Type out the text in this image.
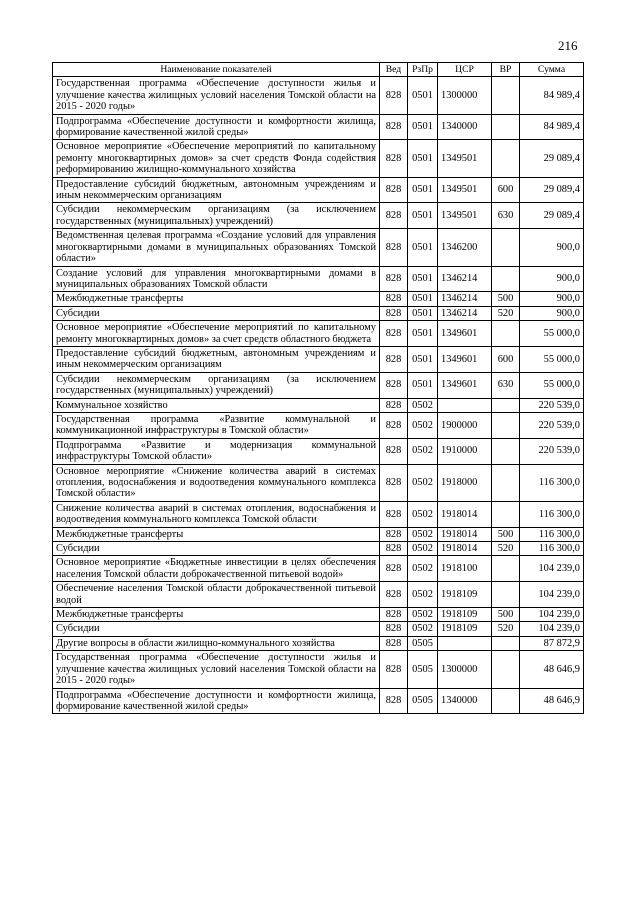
216
Наименование показателей	Вед	РзПр	ЦСР	ВР	Сумма
Государственная программа «Обеспечение доступности жилья и улучшение качества жилищных условий населения Томской области на 2015 - 2020 годы»	828	0501	1300000		84 989,4
Подпрограмма «Обеспечение доступности и комфортности жилища, формирование качественной жилой среды»	828	0501	1340000		84 989,4
Основное мероприятие «Обеспечение мероприятий по капитальному ремонту многоквартирных домов» за счет средств Фонда содействия реформированию жилищно-коммунального хозяйства	828	0501	1349501		29 089,4
Предоставление субсидий бюджетным, автономным учреждениям и иным некоммерческим организациям	828	0501	1349501	600	29 089,4
Субсидии некоммерческим организациям (за исключением государственных (муниципальных) учреждений)	828	0501	1349501	630	29 089,4
Ведомственная целевая программа «Создание условий для управления многоквартирными домами в муниципальных образованиях Томской области»	828	0501	1346200		900,0
Создание условий для управления многоквартирными домами в муниципальных образованиях Томской области	828	0501	1346214		900,0
Межбюджетные трансферты	828	0501	1346214	500	900,0
Субсидии	828	0501	1346214	520	900,0
Основное мероприятие «Обеспечение мероприятий по капитальному ремонту многоквартирных домов» за счет средств областного бюджета	828	0501	1349601		55 000,0
Предоставление субсидий бюджетным, автономным учреждениям и иным некоммерческим организациям	828	0501	1349601	600	55 000,0
Субсидии некоммерческим организациям (за исключением государственных (муниципальных) учреждений)	828	0501	1349601	630	55 000,0
Коммунальное хозяйство	828	0502			220 539,0
Государственная программа «Развитие коммунальной и коммуникационной инфраструктуры в Томской области»	828	0502	1900000		220 539,0
Подпрограмма «Развитие и модернизация коммунальной инфраструктуры Томской области»	828	0502	1910000		220 539,0
Основное мероприятие «Снижение количества аварий в системах отопления, водоснабжения и водоотведения коммунального комплекса Томской области»	828	0502	1918000		116 300,0
Снижение количества аварий в системах отопления, водоснабжения и водоотведения коммунального комплекса Томской области	828	0502	1918014		116 300,0
Межбюджетные трансферты	828	0502	1918014	500	116 300,0
Субсидии	828	0502	1918014	520	116 300,0
Основное мероприятие «Бюджетные инвестиции в целях обеспечения населения Томской области доброкачественной питьевой водой»	828	0502	1918100		104 239,0
Обеспечение населения Томской области доброкачественной питьевой водой	828	0502	1918109		104 239,0
Межбюджетные трансферты	828	0502	1918109	500	104 239,0
Субсидии	828	0502	1918109	520	104 239,0
Другие вопросы в области жилищно-коммунального хозяйства	828	0505			87 872,9
Государственная программа «Обеспечение доступности жилья и улучшение качества жилищных условий населения Томской области на 2015 - 2020 годы»	828	0505	1300000		48 646,9
Подпрограмма «Обеспечение доступности и комфортности жилища, формирование качественной жилой среды»	828	0505	1340000		48 646,9
